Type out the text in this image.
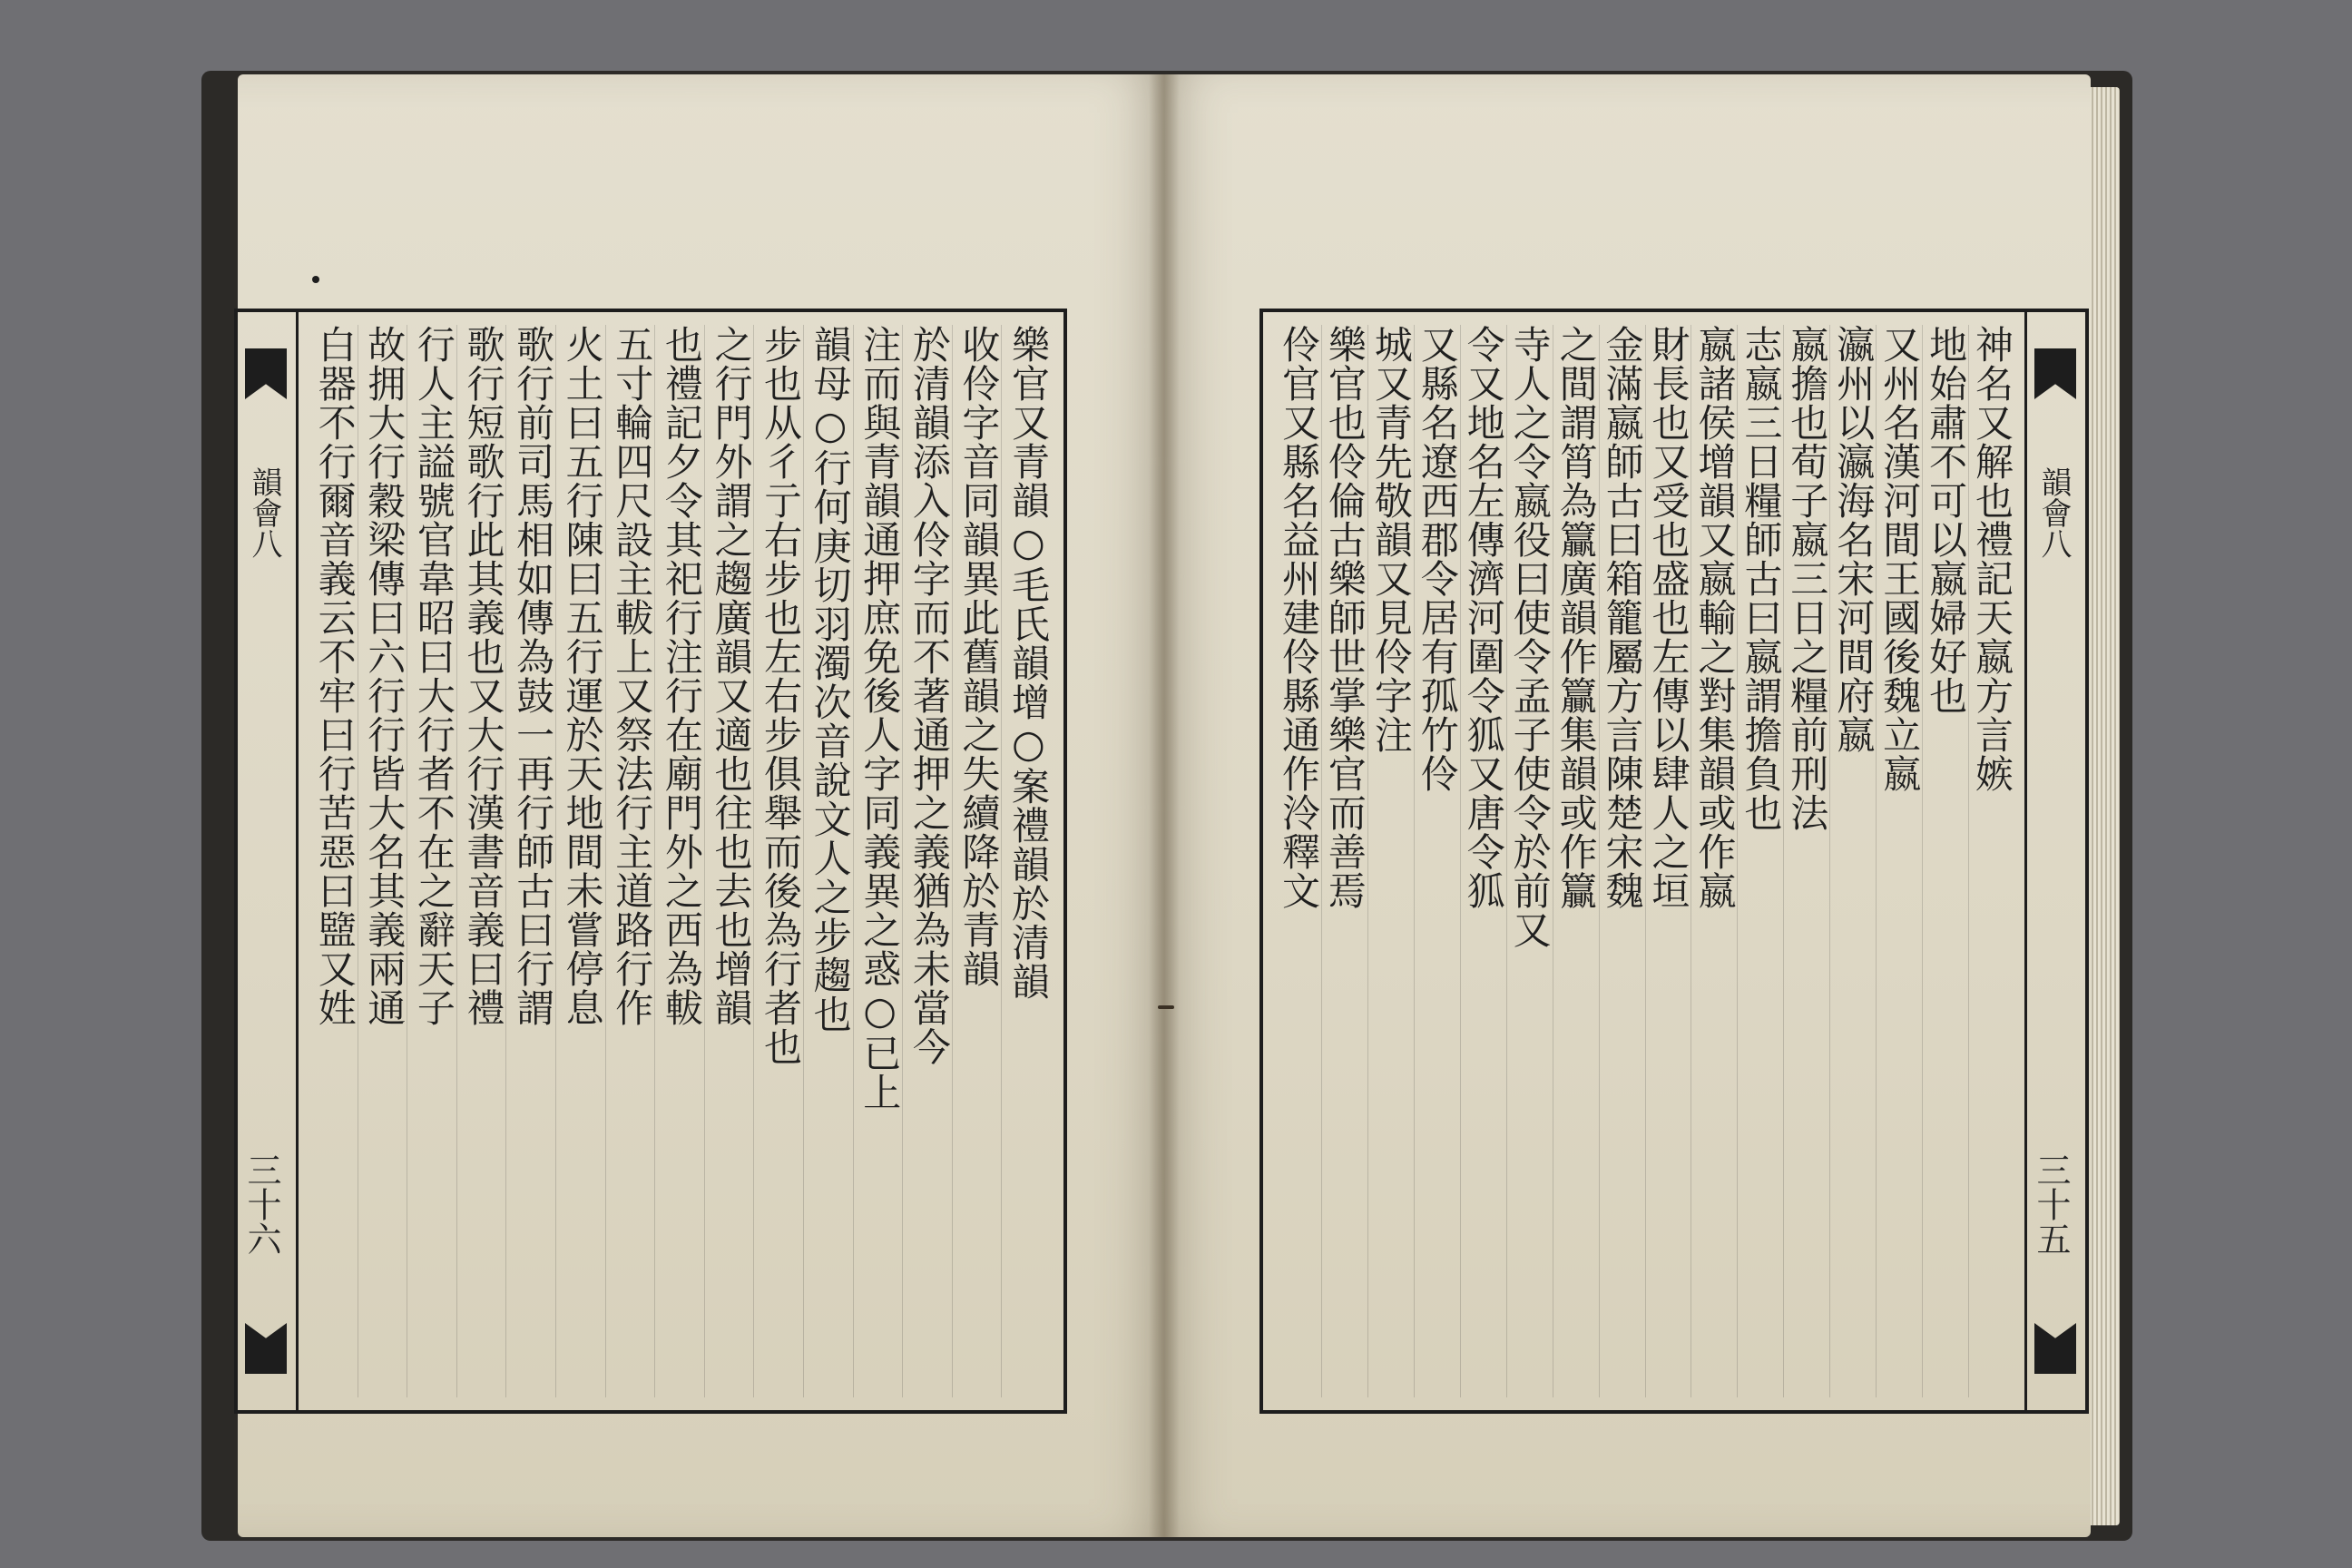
韻會八
三十六
樂官又青韻○毛氏韻增○案禮韻於清韻
收伶字音同韻異此舊韻之失續降於青韻
於清韻添入伶字而不著通押之義猶為未當今
注而與青韻通押庶免後人字同義異之惑○已上
韻母○行何庚切羽濁次音說文人之步趨也
步也从彳亍右步也左右步俱舉而後為行者也
之行門外謂之趨廣韻又適也往也去也增韻
也禮記夕令其祀行注行在廟門外之西為軷
五寸輪四尺設主軷上又祭法行主道路行作
火土曰五行陳曰五行運於天地間未嘗停息
歌行前司馬相如傳為鼓一再行師古曰行謂
歌行短歌行此其義也又大行漢書音義曰禮
行人主謚號官韋昭曰大行者不在之辭天子
故拥大行穀梁傳曰六行行皆大名其義兩通
白器不行爾音義云不牢曰行苦惡曰盬又姓	韻會八
三十五
神名又解也禮記天嬴方言嫉
地始肅不可以嬴婦好也
又州名漢河間王國後魏立嬴
瀛州以瀛海名宋河間府嬴
嬴擔也荀子嬴三日之糧前刑法
志嬴三日糧師古曰嬴謂擔負也
嬴諸侯增韻又嬴輸之對集韻或作嬴
財長也又受也盛也左傳以肆人之垣
金滿嬴師古曰箱籠屬方言陳楚宋魏
之間謂筲為籯廣韻作籯集韻或作籯
寺人之令嬴役曰使令孟子使令於前又
令又地名左傳濟河圍令狐又唐令狐
又縣名遼西郡令居有孤竹伶
城又青先敬韻又見伶字注
樂官也伶倫古樂師世掌樂官而善焉
伶官又縣名益州建伶縣通作泠釋文
